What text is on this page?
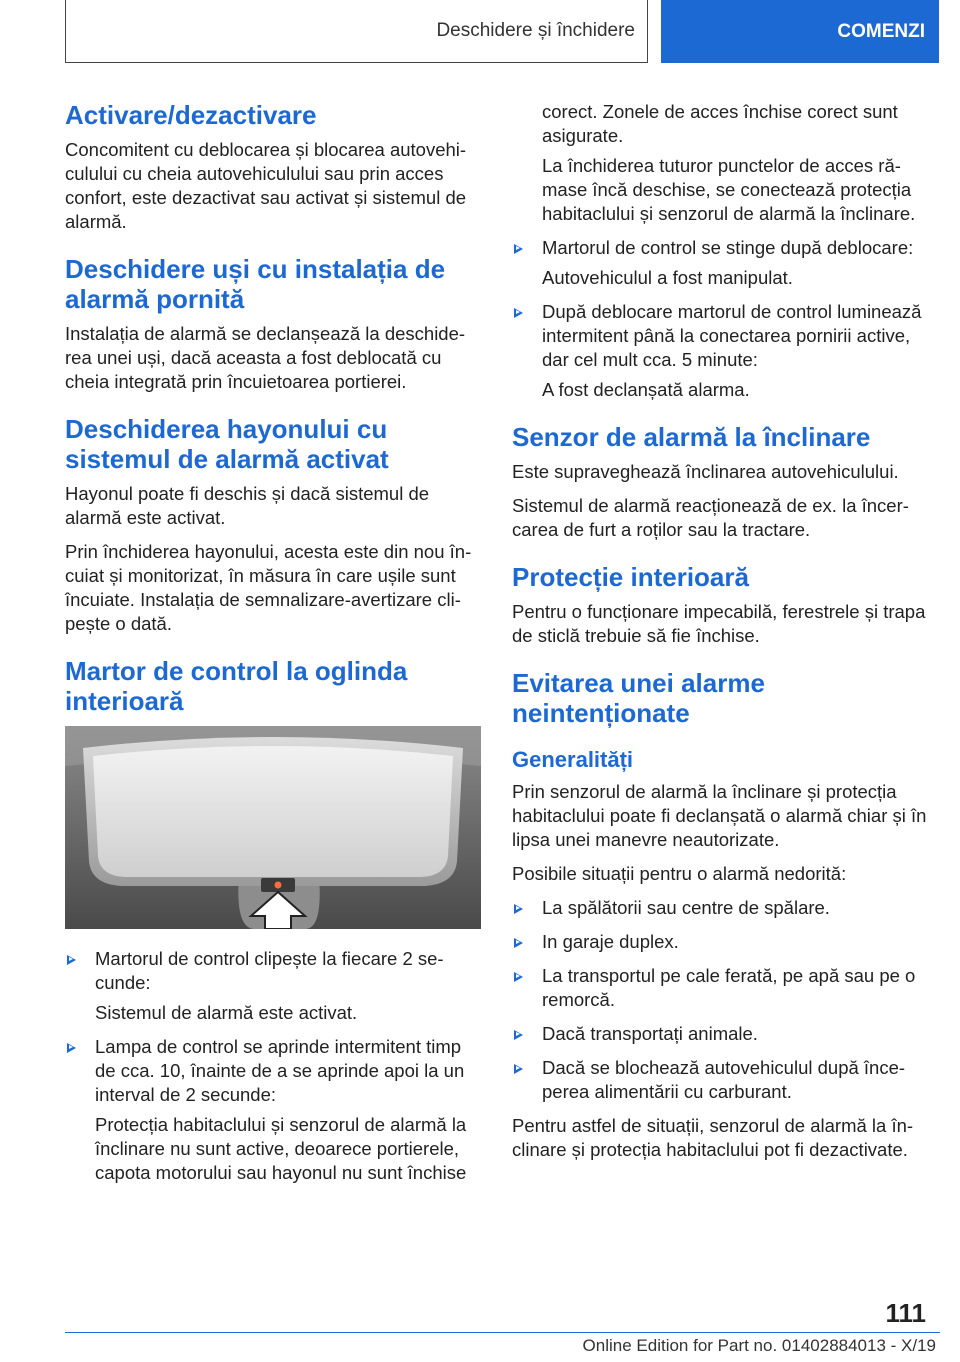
Deschidere și închidere	COMENZI
Activare/dezactivare

Concomitent cu deblocarea și blocarea autovehiculului cu cheia autovehiculului sau prin acces confort, este dezactivat sau activat și sistemul de alarmă.

Deschidere uși cu instalația de alarmă pornită

Instalația de alarmă se declanșează la deschiderea unei uși, dacă aceasta a fost deblocată cu cheia integrată prin încuietoarea portierei.

Deschiderea hayonului cu sistemul de alarmă activat

Hayonul poate fi deschis și dacă sistemul de alarmă este activat.

Prin închiderea hayonului, acesta este din nou încuiat și monitorizat, în măsura în care ușile sunt încuiate. Instalația de semnalizare-avertizare clipește o dată.

Martor de control la oglinda interioară

Martorul de control clipește la fiecare 2 secunde:

Sistemul de alarmă este activat.

Lampa de control se aprinde intermitent timp de cca. 10, înainte de a se aprinde apoi la un interval de 2 secunde:

Protecția habitaclului și senzorul de alarmă la înclinare nu sunt active, deoarece portierele, capota motorului sau hayonul nu sunt închise

corect. Zonele de acces închise corect sunt asigurate.

La închiderea tuturor punctelor de acces rămase încă deschise, se conectează protecția habitaclului și senzorul de alarmă la înclinare.

Martorul de control se stinge după deblocare:

Autovehiculul a fost manipulat.

După deblocare martorul de control luminează intermitent până la conectarea pornirii active, dar cel mult cca. 5 minute:

A fost declanșată alarma.

Senzor de alarmă la înclinare

Este supraveghează înclinarea autovehiculului.

Sistemul de alarmă reacționează de ex. la încercarea de furt a roților sau la tractare.

Protecție interioară

Pentru o funcționare impecabilă, ferestrele și trapa de sticlă trebuie să fie închise.

Evitarea unei alarme neintenționate
Generalități

Prin senzorul de alarmă la înclinare și protecția habitaclului poate fi declanșată o alarmă chiar și în lipsa unei manevre neautorizate.

Posibile situații pentru o alarmă nedorită:

La spălătorii sau centre de spălare.

In garaje duplex.

La transportul pe cale ferată, pe apă sau pe o remorcă.

Dacă transportați animale.

Dacă se blochează autovehiculul după începerea alimentării cu carburant.

Pentru astfel de situații, senzorul de alarmă la înclinare și protecția habitaclului pot fi dezactivate.

111
Online Edition for Part no. 01402884013 - X/19
